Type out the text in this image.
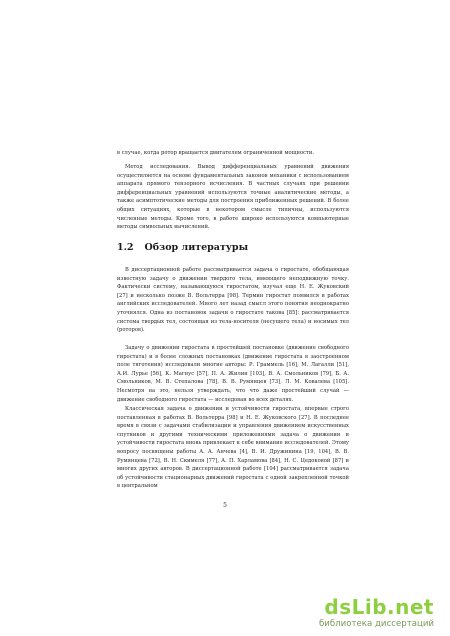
в случае, когда ротор вращается двигателем ограниченной мощности.

Метод исследования. Вывод дифференциальных уравнений движения осуществляется на основе фундаментальных законов механики с использованием аппарата прямого тензорного исчисления. В частных случаях при решении дифференциальных уравнений используются точные аналитические методы, а также асимптотические методы для построения приближенных решений. В более общих ситуациях, которые в некотором смысле типичны, используются численные методы. Кроме того, в работе широко используются компьютерные методы символьных вычислений.

1.2 Обзор литературы

В диссертационной работе рассматривается задача о гиростате, обобщающая известную задачу о движении твердого тела, имеющего неподвижную точку. Фактически систему, называющуюся гиростатом, изучал еще Н. Е. Жуковский [27] и несколько позже В. Вольтерра [98]. Термин гиростат появился в работах английских исследователей. Много лет назад смысл этого понятия неоднократно уточнялся. Одна из постановок задачи о гиростате такова [85]: рассматривается система твердых тел, состоящая из тела-носителя (несущего тела) и носимых тел (роторов).

Задачу о движении гиростата в простейшей постановке (движение свободного гиростата) и в более сложных постановках (движение гиростата в заостроенном поле тяготения) исследовали многие авторы: Р. Граммель [16], М. Лагалли [51], А.И. Лурье [56], К. Магнус [57], П. А. Жилин [103], В. А. Смольников [79], Б. А. Смольников, М. В. Степалова [78], В. В. Румянцев [73], Л. М. Ковалева [105]. Несмотря на это, нельзя утверждать, что что даже простейший случай — движение свободного гиростата — исследован во всех деталях.

Классическая задача о движении и устойчивости гиростата, впервые строго поставленная в работах В. Вольтерра [98] и Н. Е. Жуковского [27]. В последнее время в связи с задачами стабилизации и управления движением искусственных спутников и другими техническими приложениями задача о движении и устойчивости гиростата вновь привлекает к себе внимание исследователей. Этому вопросу посвящены работы А. А. Анчева [4], В. И. Дружинина [19, 104], В. В. Румянцева [72], В. Н. Скимеля [77], А. П. Харламова [84], Н. С. Цедоковой [87] и многих других авторов. В диссертационной работе [104] рассматривается задача об устойчивости стационарных движений гиростата с одной закрепленной точкой в центральном

5
dsLib.net
библиотека диссертаций
